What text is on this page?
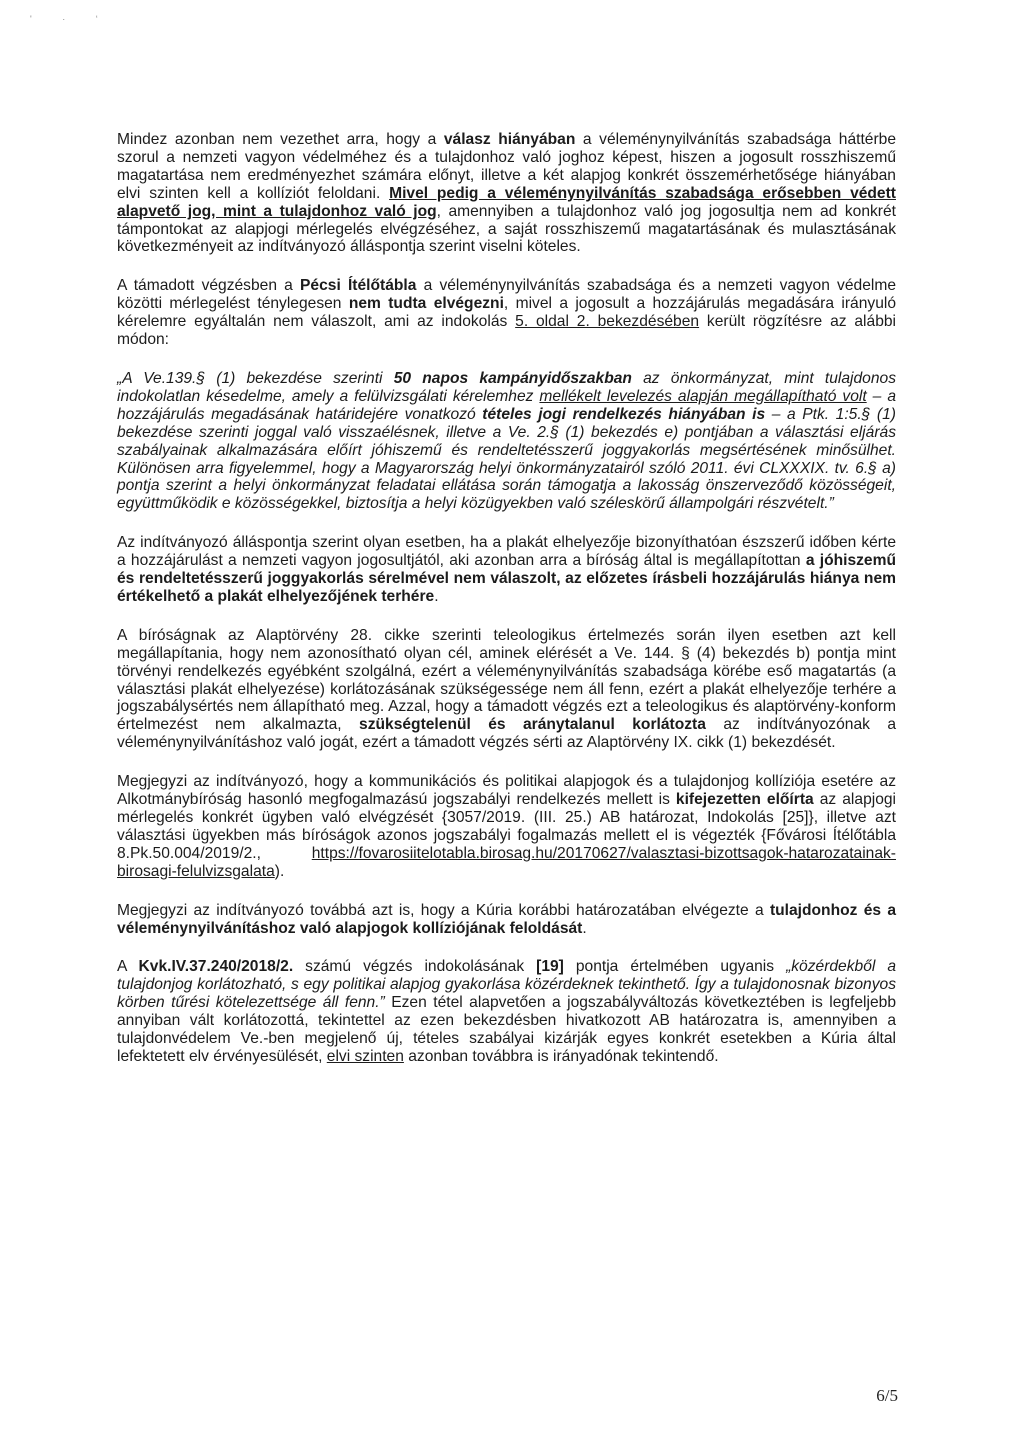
' · ‘

Mindez azonban nem vezethet arra, hogy a válasz hiányában a véleménynyilvánítás szabadsága háttérbe szorul a nemzeti vagyon védelméhez és a tulajdonhoz való joghoz képest, hiszen a jogosult rosszhiszemű magatartása nem eredményezhet számára előnyt, illetve a két alapjog konkrét összemérhetősége hiányában elvi szinten kell a kollíziót feloldani. Mivel pedig a véleménynyilvánítás szabadsága erősebben védett alapvető jog, mint a tulajdonhoz való jog, amennyiben a tulajdonhoz való jog jogosultja nem ad konkrét támpontokat az alapjogi mérlegelés elvégzéséhez, a saját rosszhiszemű magatartásának és mulasztásának következményeit az indítványozó álláspontja szerint viselni köteles.

A támadott végzésben a Pécsi Ítélőtábla a véleménynyilvánítás szabadsága és a nemzeti vagyon védelme közötti mérlegelést ténylegesen nem tudta elvégezni, mivel a jogosult a hozzájárulás megadására irányuló kérelemre egyáltalán nem válaszolt, ami az indokolás 5. oldal 2. bekezdésében került rögzítésre az alábbi módon:

„A Ve.139.§ (1) bekezdése szerinti 50 napos kampányidőszakban az önkormányzat, mint tulajdonos indokolatlan késedelme, amely a felülvizsgálati kérelemhez mellékelt levelezés alapján megállapítható volt – a hozzájárulás megadásának határidejére vonatkozó tételes jogi rendelkezés hiányában is – a Ptk. 1:5.§ (1) bekezdése szerinti joggal való visszaélésnek, illetve a Ve. 2.§ (1) bekezdés e) pontjában a választási eljárás szabályainak alkalmazására előírt jóhiszemű és rendeltetésszerű joggyakorlás megsértésének minősülhet. Különösen arra figyelemmel, hogy a Magyarország helyi önkormányzatairól szóló 2011. évi CLXXXIX. tv. 6.§ a) pontja szerint a helyi önkormányzat feladatai ellátása során támogatja a lakosság önszerveződő közösségeit, együttműködik e közösségekkel, biztosítja a helyi közügyekben való széleskörű állampolgári részvételt.”

Az indítványozó álláspontja szerint olyan esetben, ha a plakát elhelyezője bizonyíthatóan észszerű időben kérte a hozzájárulást a nemzeti vagyon jogosultjától, aki azonban arra a bíróság által is megállapítottan a jóhiszemű és rendeltetésszerű joggyakorlás sérelmével nem válaszolt, az előzetes írásbeli hozzájárulás hiánya nem értékelhető a plakát elhelyezőjének terhére.

A bíróságnak az Alaptörvény 28. cikke szerinti teleologikus értelmezés során ilyen esetben azt kell megállapítania, hogy nem azonosítható olyan cél, aminek elérését a Ve. 144. § (4) bekezdés b) pontja mint törvényi rendelkezés egyébként szolgálná, ezért a véleménynyilvánítás szabadsága körébe eső magatartás (a választási plakát elhelyezése) korlátozásának szükségessége nem áll fenn, ezért a plakát elhelyezője terhére a jogszabálysértés nem állapítható meg. Azzal, hogy a támadott végzés ezt a teleologikus és alaptörvény-konform értelmezést nem alkalmazta, szükségtelenül és aránytalanul korlátozta az indítványozónak a véleménynyilvánításhoz való jogát, ezért a támadott végzés sérti az Alaptörvény IX. cikk (1) bekezdését.

Megjegyzi az indítványozó, hogy a kommunikációs és politikai alapjogok és a tulajdonjog kollíziója esetére az Alkotmánybíróság hasonló megfogalmazású jogszabályi rendelkezés mellett is kifejezetten előírta az alapjogi mérlegelés konkrét ügyben való elvégzését {3057/2019. (III. 25.) AB határozat, Indokolás [25]}, illetve azt választási ügyekben más bíróságok azonos jogszabályi fogalmazás mellett el is végezték {Fővárosi Ítélőtábla 8.Pk.50.004/2019/2., https://fovarosiitelotabla.birosag.hu/20170627/valasztasi-bizottsagok-hatarozatainak-birosagi-felulvizsgalata).

Megjegyzi az indítványozó továbbá azt is, hogy a Kúria korábbi határozatában elvégezte a tulajdonhoz és a véleménynyilvánításhoz való alapjogok kollíziójának feloldását.

A Kvk.IV.37.240/2018/2. számú végzés indokolásának [19] pontja értelmében ugyanis „közérdekből a tulajdonjog korlátozható, s egy politikai alapjog gyakorlása közérdeknek tekinthető. Így a tulajdonosnak bizonyos körben tűrési kötelezettsége áll fenn.” Ezen tétel alapvetően a jogszabályváltozás következtében is legfeljebb annyiban vált korlátozottá, tekintettel az ezen bekezdésben hivatkozott AB határozatra is, amennyiben a tulajdonvédelem Ve.-ben megjelenő új, tételes szabályai kizárják egyes konkrét esetekben a Kúria által lefektetett elv érvényesülését, elvi szinten azonban továbbra is irányadónak tekintendő.

6/5
